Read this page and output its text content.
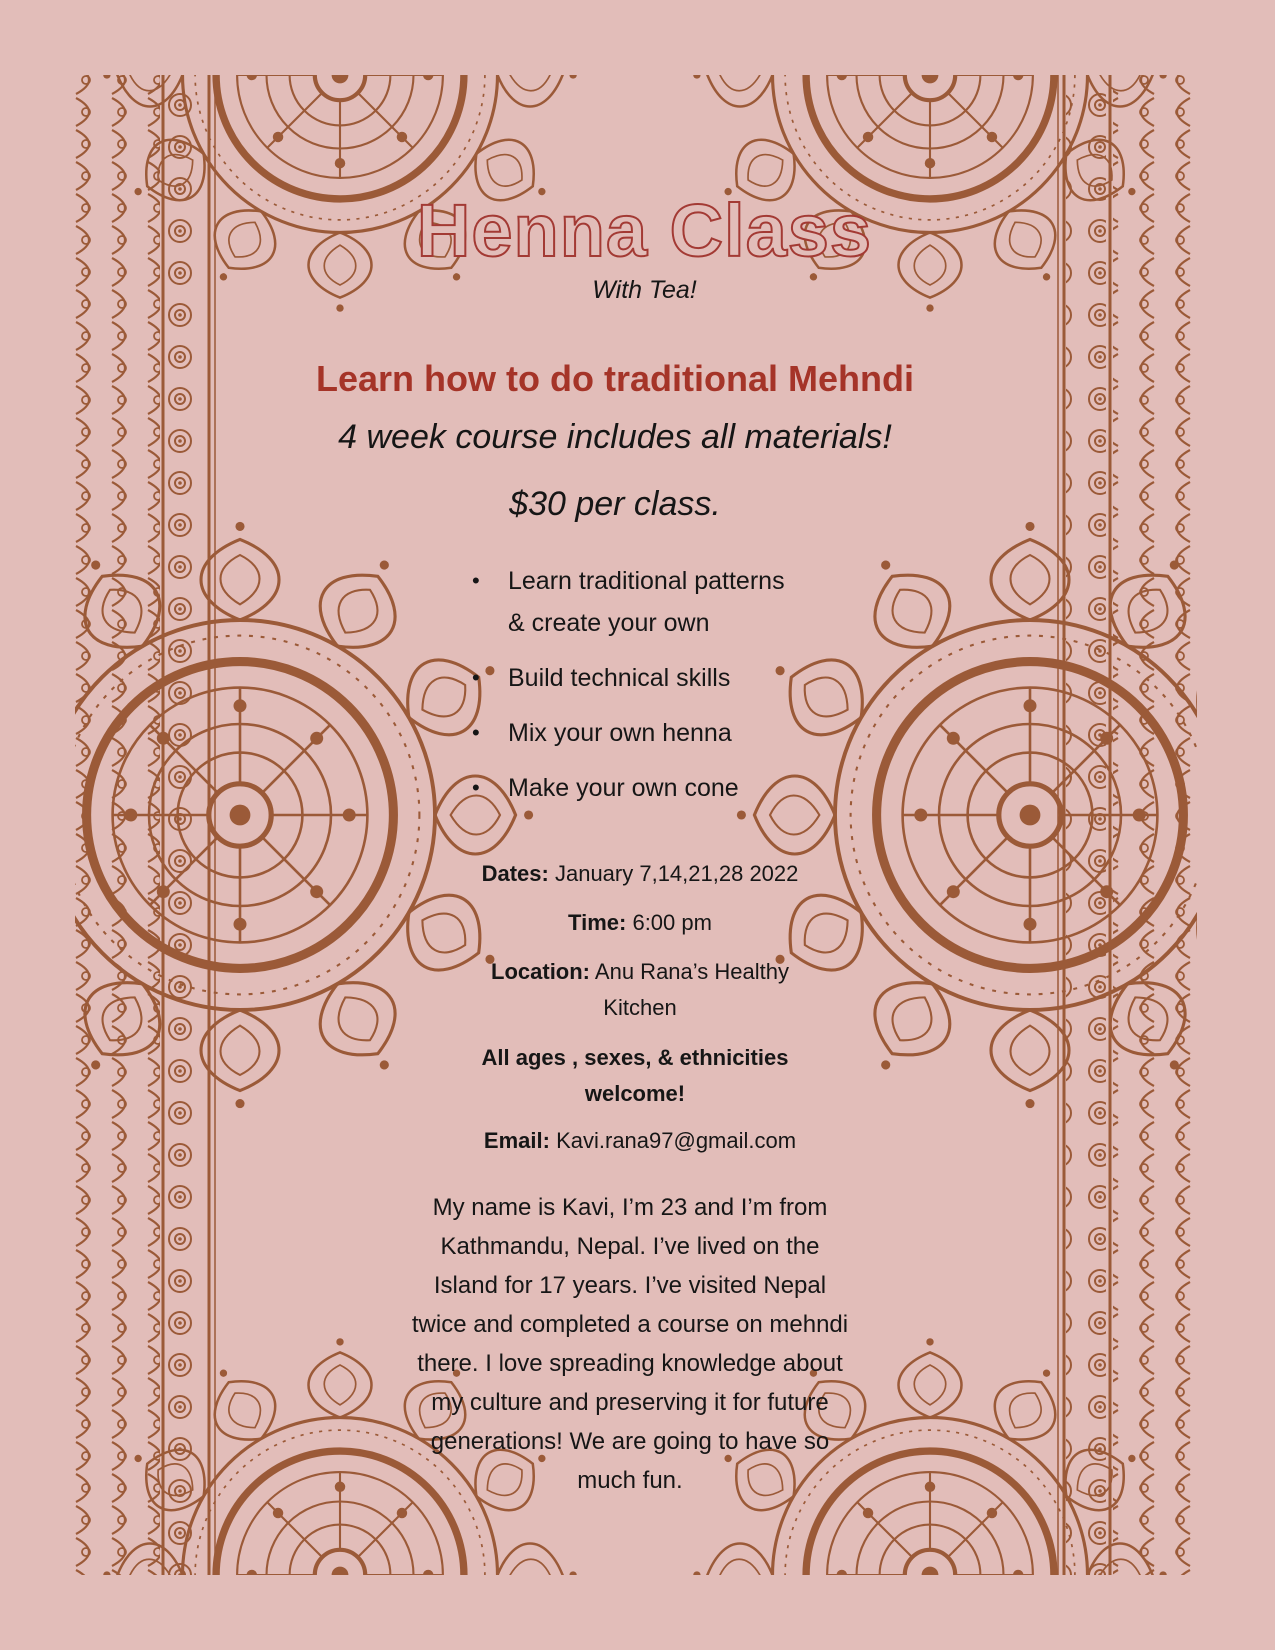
Henna Class
With Tea!
Learn how to do traditional Mehndi
4 week course includes all materials!
$30 per class.
• Learn traditional patterns
& create your own
• Build technical skills
• Mix your own henna
• Make your own cone
Dates: January 7,14,21,28 2022
Time: 6:00 pm
Location: Anu Rana’s Healthy Kitchen
All ages , sexes, & ethnicities welcome!
Email: Kavi.rana97@gmail.com
My name is Kavi, I’m 23 and I’m from Kathmandu, Nepal. I’ve lived on the Island for 17 years. I’ve visited Nepal twice and completed a course on mehndi there. I love spreading knowledge about my culture and preserving it for future generations! We are going to have so much fun.
